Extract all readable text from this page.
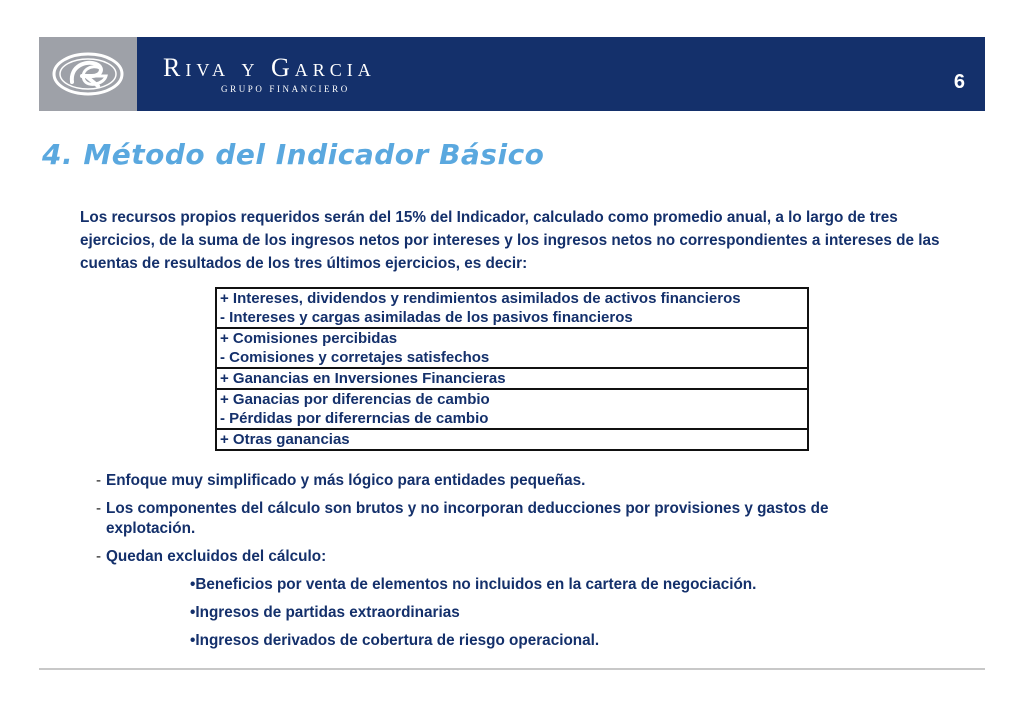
Riva y Garcia
GRUPO FINANCIERO	6
4. Método del Indicador Básico
Los recursos propios requeridos serán del 15% del Indicador, calculado como promedio anual, a lo largo de tres ejercicios, de la suma de los ingresos netos por intereses y los ingresos netos no correspondientes a intereses de las cuentas de resultados de los tres últimos ejercicios, es decir:
+ Intereses, dividendos y rendimientos asimilados de activos financieros
- Intereses y cargas asimiladas de los pasivos financieros

+ Comisiones percibidas
- Comisiones y corretajes satisfechos

+ Ganancias en Inversiones Financieras

+ Ganacias por diferencias de cambio
- Pérdidas por difererncias de cambio

+ Otras ganancias
- Enfoque muy simplificado y más lógico para entidades pequeñas.
- Los componentes del cálculo son brutos y no incorporan deducciones por provisiones y gastos de explotación.
- Quedan excluidos del cálculo:
•Beneficios por venta de elementos no incluidos en la cartera de negociación.
•Ingresos de partidas extraordinarias
•Ingresos derivados de cobertura de riesgo operacional.
